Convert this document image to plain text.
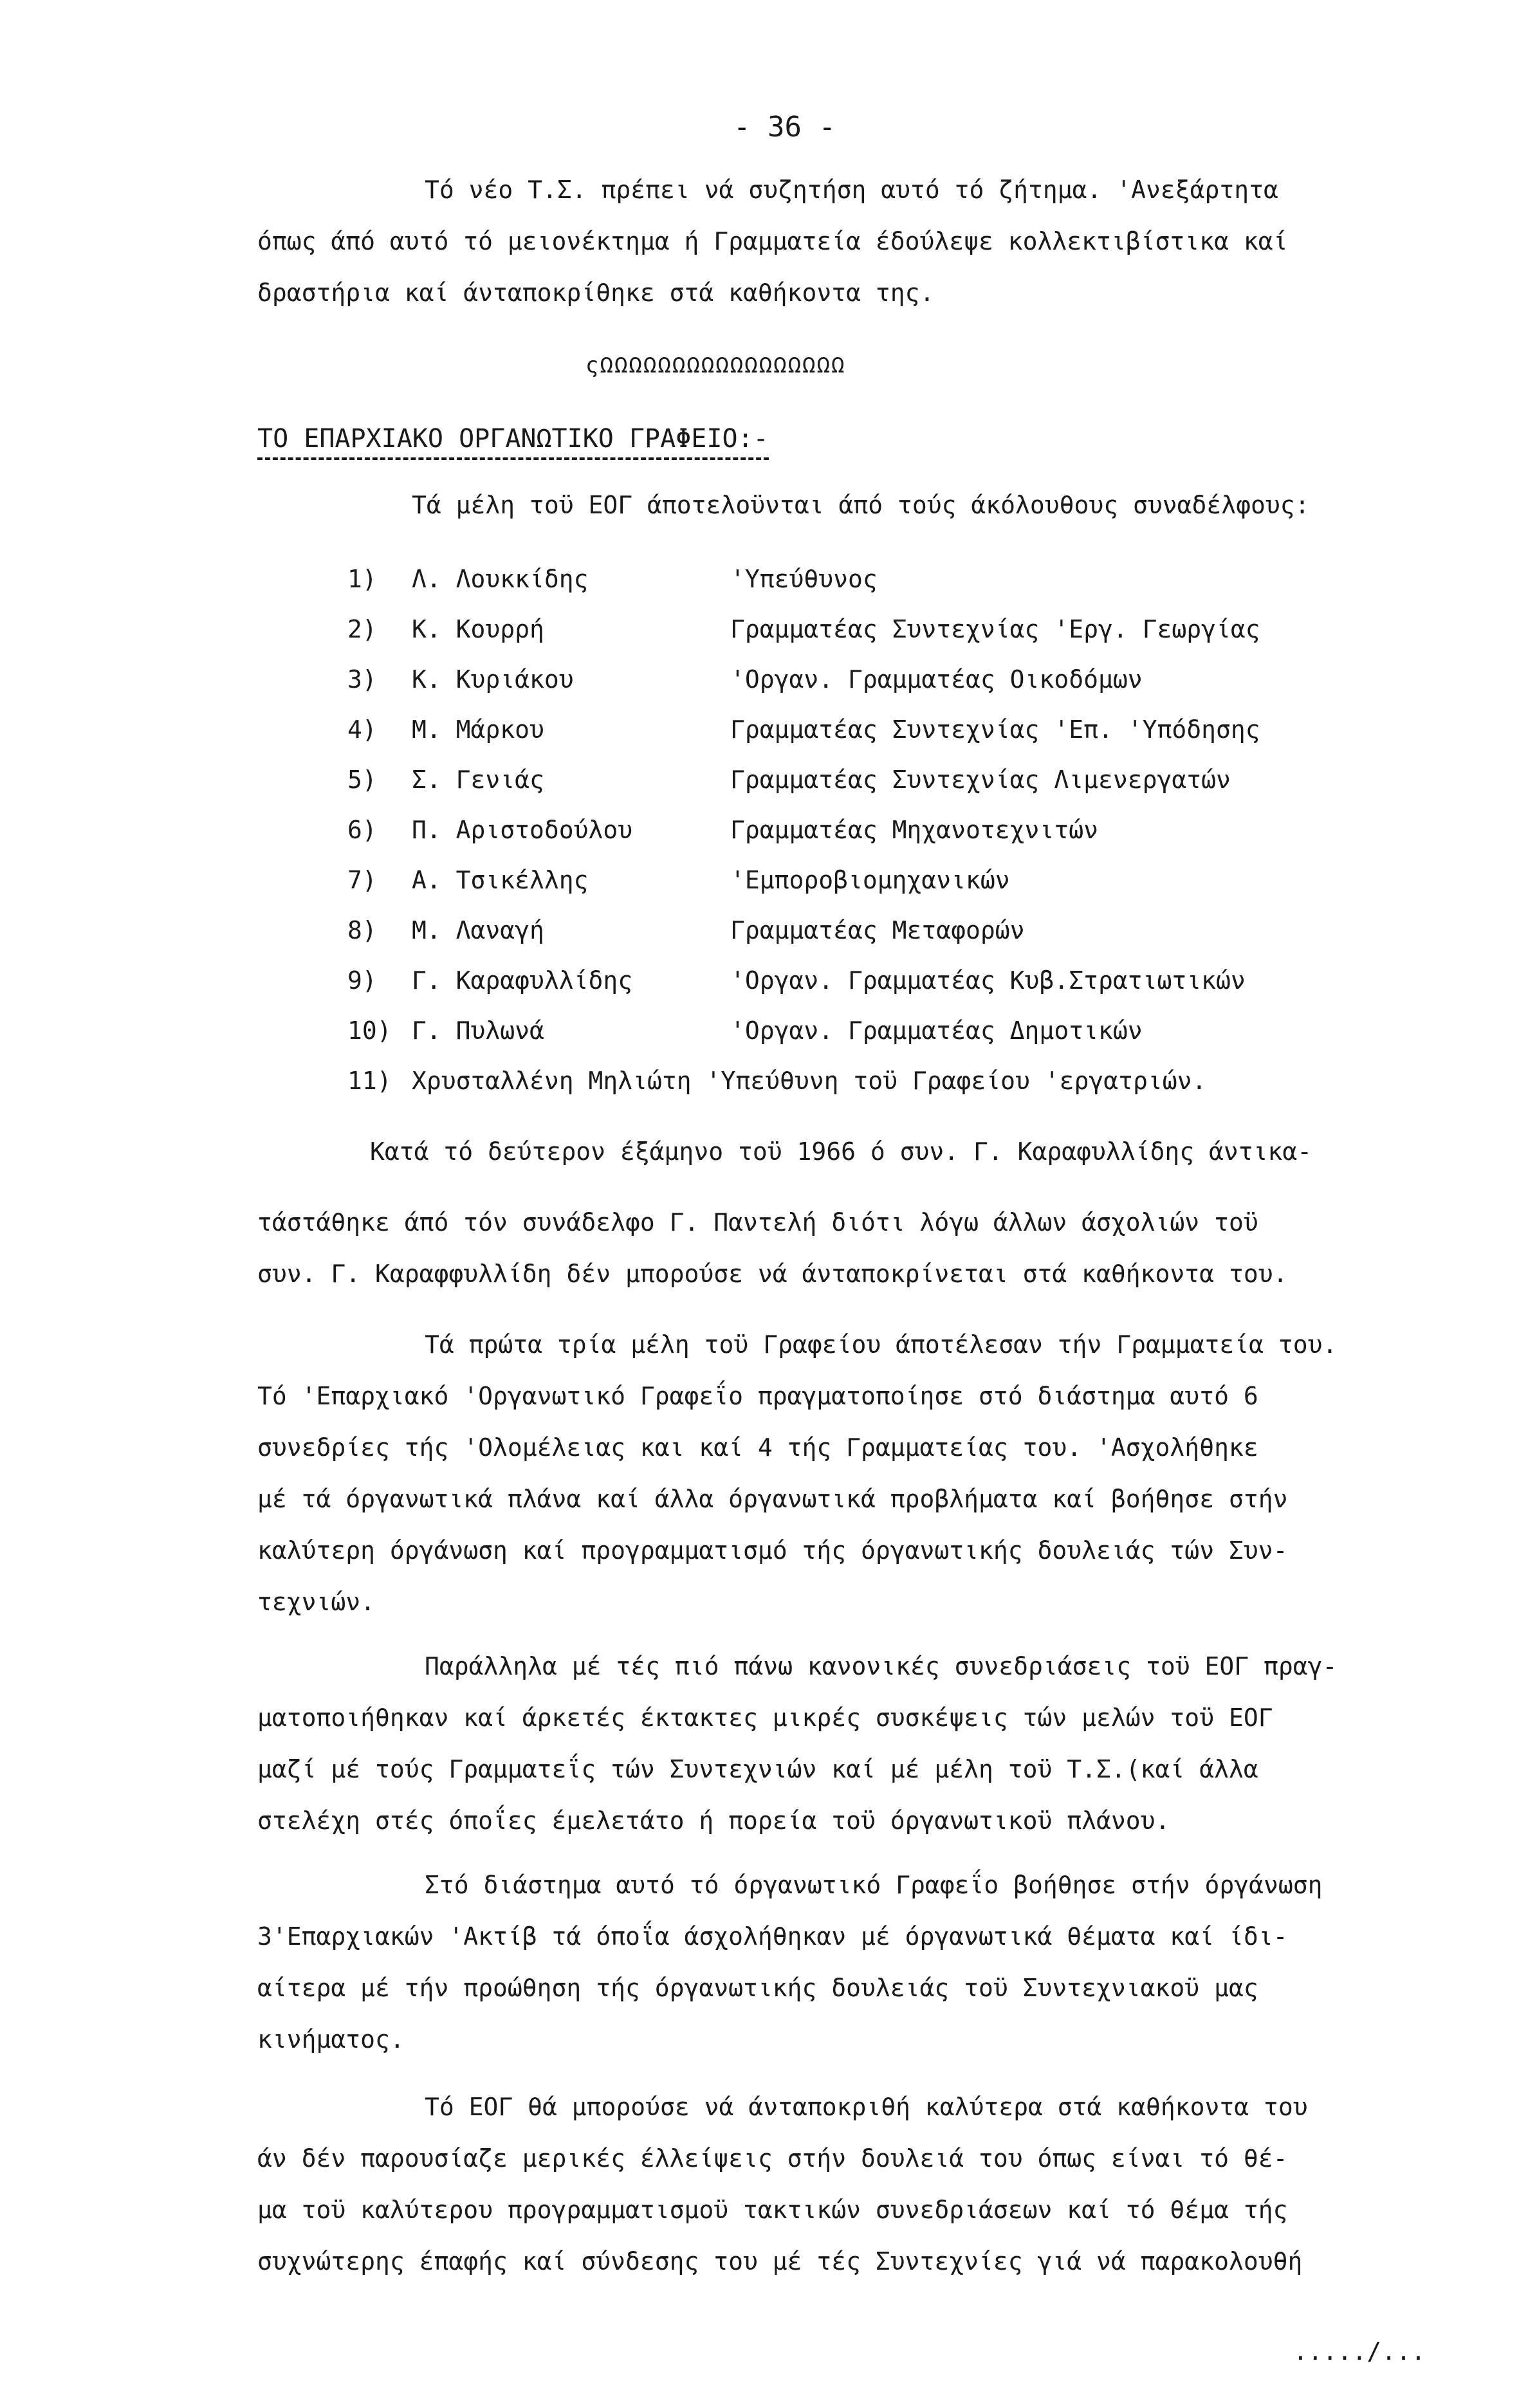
- 36 -
Τό νέο Τ.Σ. πρέπει νά συζητήση αυτό τό ζήτημα. 'Ανεξάρτητα
όπως άπό αυτό τό μειονέκτημα ή Γραμματεία έδούλεψε κολλεκτιβίστικα καί
δραστήρια καί άνταποκρίθηκε στά καθήκοντα της.
ςΩΩΩΩΩΩΩΩΩΩΩΩΩΩΩΩΩ
ΤΟ ΕΠΑΡΧΙΑΚΟ ΟΡΓΑΝΩΤΙΚΟ ΓΡΑΦΕΙΟ:-
Τά μέλη τοϋ ΕΟΓ άποτελοϋνται άπό τούς άκόλουθους συναδέλφους:
1) Λ. Λουκκίδης	'Υπεύθυνος
2) Κ. Κουρρή	Γραμματέας Συντεχνίας 'Εργ. Γεωργίας
3) Κ. Κυριάκου	'Οργαν. Γραμματέας Οικοδόμων
4) Μ. Μάρκου	Γραμματέας Συντεχνίας 'Επ. 'Υπόδησης
5) Σ. Γενιάς	Γραμματέας Συντεχνίας Λιμενεργατών
6) Π. Αριστοδούλου	Γραμματέας Μηχανοτεχνιτών
7) Α. Τσικέλλης	'Εμποροβιομηχανικών
8) Μ. Λαναγή	Γραμματέας Μεταφορών
9) Γ. Καραφυλλίδης	'Οργαν. Γραμματέας Κυβ.Στρατιωτικών
10) Γ. Πυλωνά	'Οργαν. Γραμματέας Δημοτικών
11) Χρυσταλλένη Μηλιώτη 'Υπεύθυνη τοϋ Γραφείου 'εργατριών.
Κατά τό δεύτερον έξάμηνο τοϋ 1966 ό συν. Γ. Καραφυλλίδης άντικα-
τάστάθηκε άπό τόν συνάδελφο Γ. Παντελή διότι λόγω άλλων άσχολιών τοϋ
συν. Γ. Καραφφυλλίδη δέν μπορούσε νά άνταποκρίνεται στά καθήκοντα του.
Τά πρώτα τρία μέλη τοϋ Γραφείου άποτέλεσαν τήν Γραμματεία του.
Τό 'Επαρχιακό 'Οργανωτικό Γραφεΐο πραγματοποίησε στό διάστημα αυτό 6
συνεδρίες τής 'Ολομέλειας και καί 4 τής Γραμματείας του. 'Ασχολήθηκε
μέ τά όργανωτικά πλάνα καί άλλα όργανωτικά προβλήματα καί βοήθησε στήν
καλύτερη όργάνωση καί προγραμματισμό τής όργανωτικής δουλειάς τών Συν-
τεχνιών.
Παράλληλα μέ τές πιό πάνω κανονικές συνεδριάσεις τοϋ ΕΟΓ πραγ-
ματοποιήθηκαν καί άρκετές έκτακτες μικρές συσκέψεις τών μελών τοϋ ΕΟΓ
μαζί μέ τούς Γραμματεΐς τών Συντεχνιών καί μέ μέλη τοϋ Τ.Σ.(καί άλλα
στελέχη στές όποΐες έμελετάτο ή πορεία τοϋ όργανωτικοϋ πλάνου.
Στό διάστημα αυτό τό όργανωτικό Γραφεΐο βοήθησε στήν όργάνωση
3'Επαρχιακών 'Ακτίβ τά όποΐα άσχολήθηκαν μέ όργανωτικά θέματα καί ίδι-
αίτερα μέ τήν προώθηση τής όργανωτικής δουλειάς τοϋ Συντεχνιακοϋ μας
κινήματος.
Τό ΕΟΓ θά μπορούσε νά άνταποκριθή καλύτερα στά καθήκοντα του
άν δέν παρουσίαζε μερικές έλλείψεις στήν δουλειά του όπως είναι τό θέ-
μα τοϋ καλύτερου προγραμματισμοϋ τακτικών συνεδριάσεων καί τό θέμα τής
συχνώτερης έπαφής καί σύνδεσης του μέ τές Συντεχνίες γιά νά παρακολουθή
...../...
